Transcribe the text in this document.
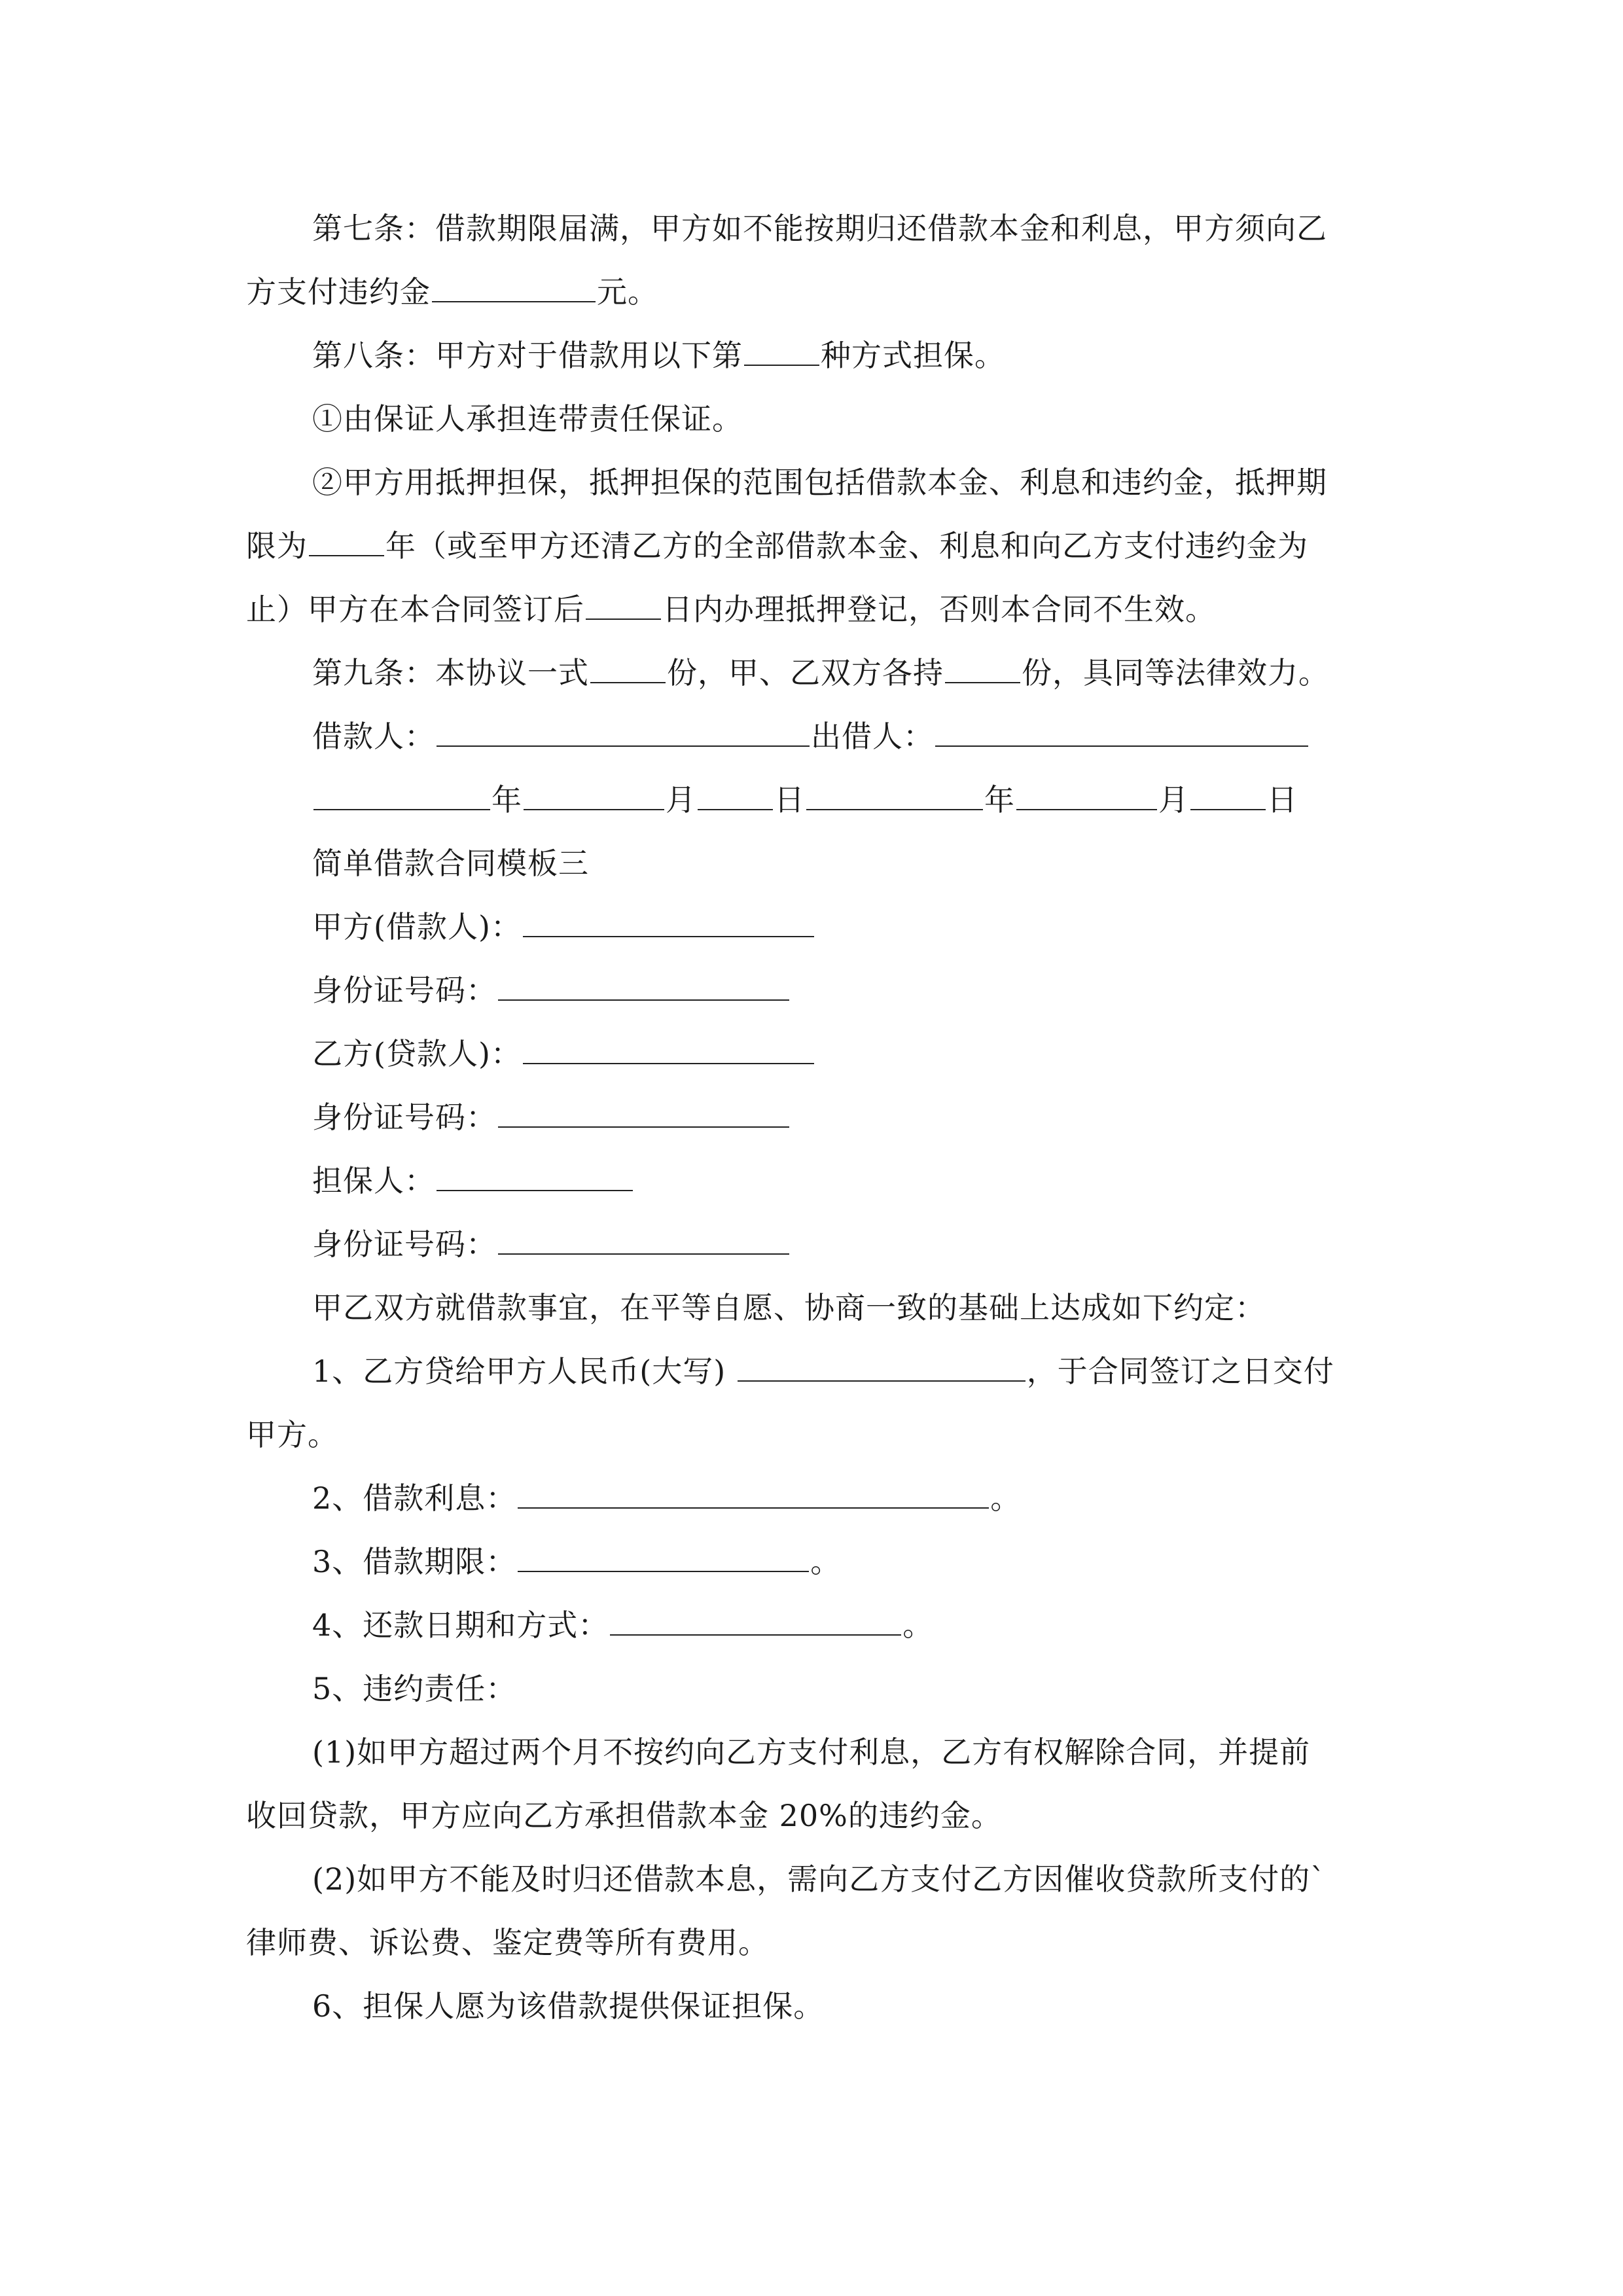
第七条：借款期限届满，甲方如不能按期归还借款本金和利息，甲方须向乙
方支付违约金	元。
第八条：甲方对于借款用以下第	种方式担保。
①由保证人承担连带责任保证。
②甲方用抵押担保，抵押担保的范围包括借款本金、利息和违约金，抵押期
限为	年（或至甲方还清乙方的全部借款本金、利息和向乙方支付违约金为
止）甲方在本合同签订后	日内办理抵押登记，否则本合同不生效。
第九条：本协议一式	份，甲、乙双方各持	份，具同等法律效力。
借款人：	出借人：
年	月	日	年	月	日
简单借款合同模板三
甲方(借款人)：
身份证号码：
乙方(贷款人)：
身份证号码：
担保人：
身份证号码：
甲乙双方就借款事宜，在平等自愿、协商一致的基础上达成如下约定：
1、乙方贷给甲方人民币(大写)	，于合同签订之日交付
甲方。
2、借款利息：	。
3、借款期限：	。
4、还款日期和方式：	。
5、违约责任：
(1)如甲方超过两个月不按约向乙方支付利息，乙方有权解除合同，并提前
收回贷款，甲方应向乙方承担借款本金 20%的违约金。
(2)如甲方不能及时归还借款本息，需向乙方支付乙方因催收贷款所支付的`
律师费、诉讼费、鉴定费等所有费用。
6、担保人愿为该借款提供保证担保。
